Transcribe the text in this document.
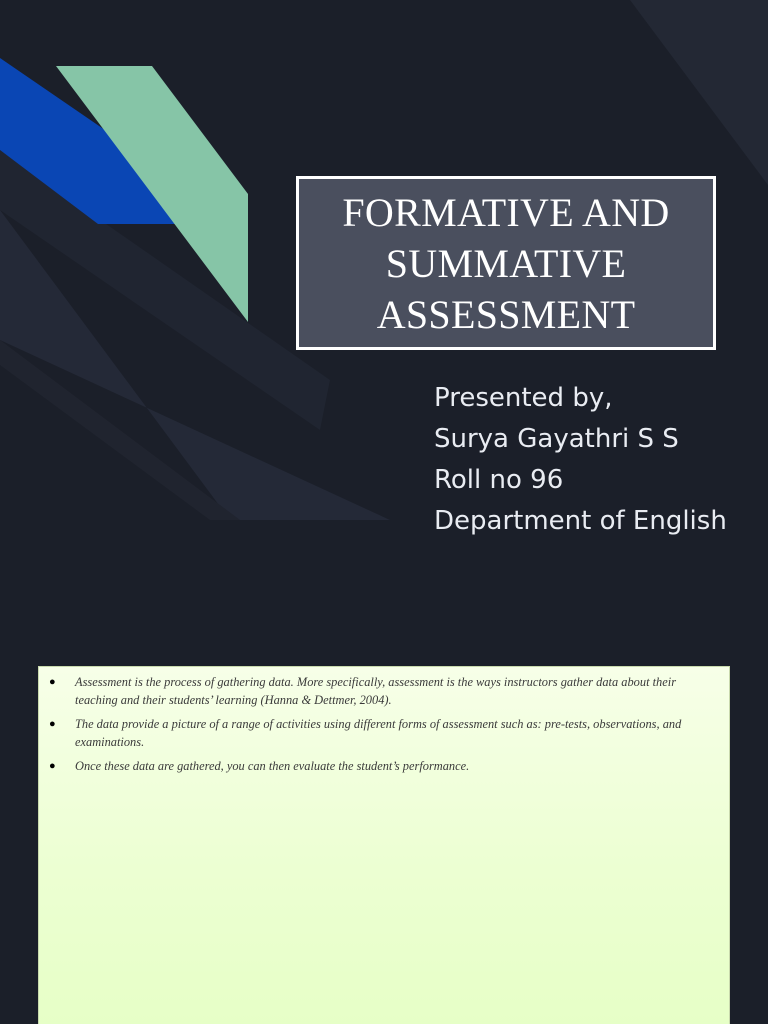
FORMATIVE AND SUMMATIVE ASSESSMENT
Presented by,
Surya Gayathri S S
Roll no 96
Department of English
● Assessment is the process of gathering data. More specifically, assessment is the ways instructors gather data about their teaching and their students’ learning (Hanna & Dettmer, 2004).
● The data provide a picture of a range of activities using different forms of assessment such as: pre-tests, observations, and examinations.
● Once these data are gathered, you can then evaluate the student’s performance.
